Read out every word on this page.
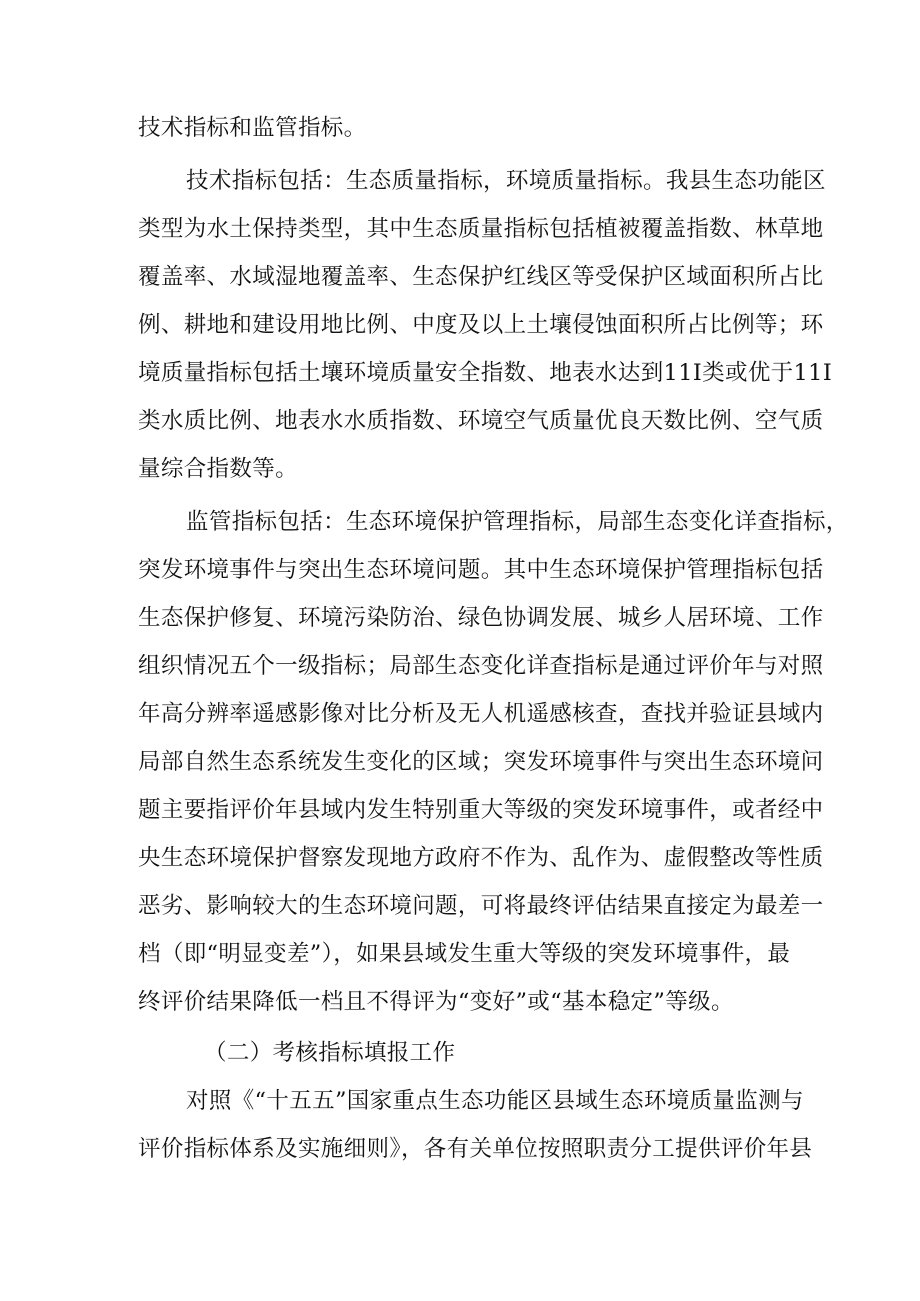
技术指标和监管指标。
技术指标包括：生态质量指标，环境质量指标。我县生态功能区
类型为水土保持类型，其中生态质量指标包括植被覆盖指数、林草地
覆盖率、水域湿地覆盖率、生态保护红线区等受保护区域面积所占比
例、耕地和建设用地比例、中度及以上土壤侵蚀面积所占比例等；环
境质量指标包括土壤环境质量安全指数、地表水达到11I类或优于11I
类水质比例、地表水水质指数、环境空气质量优良天数比例、空气质
量综合指数等。
监管指标包括：生态环境保护管理指标，局部生态变化详查指标，
突发环境事件与突出生态环境问题。其中生态环境保护管理指标包括
生态保护修复、环境污染防治、绿色协调发展、城乡人居环境、工作
组织情况五个一级指标；局部生态变化详查指标是通过评价年与对照
年高分辨率遥感影像对比分析及无人机遥感核查，查找并验证县域内
局部自然生态系统发生变化的区域；突发环境事件与突出生态环境问
题主要指评价年县域内发生特别重大等级的突发环境事件，或者经中
央生态环境保护督察发现地方政府不作为、乱作为、虚假整改等性质
恶劣、影响较大的生态环境问题，可将最终评估结果直接定为最差一
档（即“明显变差”），如果县域发生重大等级的突发环境事件，最
终评价结果降低一档且不得评为“变好”或“基本稳定”等级。
（二）考核指标填报工作
对照《“十五五”国家重点生态功能区县域生态环境质量监测与
评价指标体系及实施细则》，各有关单位按照职责分工提供评价年县
